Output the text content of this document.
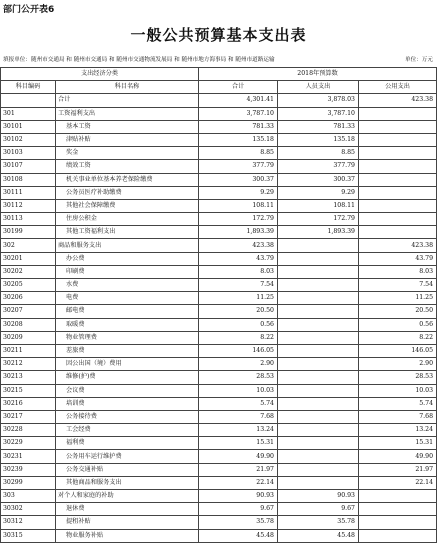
部门公开表6
一般公共预算基本支出表
填报单位：随州市交通局 和 随州市交通局 和 随州市交通物流发展局 和 随州市地方海事局 和 随州市道路运输	单位：万元
支出经济分类		2018年预算数		
科目编码	科目名称	合计	人员支出	公用支出
	合计	4,301.41	3,878.03	423.38
301	工资福利支出	3,787.10	3,787.10	
30101	基本工资	781.33	781.33	
30102	津贴补贴	135.18	135.18	
30103	奖金	8.85	8.85	
30107	绩效工资	377.79	377.79	
30108	机关事业单位基本养老保险缴费	300.37	300.37	
30111	公务员医疗补助缴费	9.29	9.29	
30112	其他社会保障缴费	108.11	108.11	
30113	住房公积金	172.79	172.79	
30199	其他工资福利支出	1,893.39	1,893.39	
302	商品和服务支出	423.38		423.38
30201	办公费	43.79		43.79
30202	印刷费	8.03		8.03
30205	水费	7.54		7.54
30206	电费	11.25		11.25
30207	邮电费	20.50		20.50
30208	取暖费	0.56		0.56
30209	物业管理费	8.22		8.22
30211	差旅费	146.05		146.05
30212	因公出国（境）费用	2.90		2.90
30213	维修(护)费	28.53		28.53
30215	会议费	10.03		10.03
30216	培训费	5.74		5.74
30217	公务接待费	7.68		7.68
30228	工会经费	13.24		13.24
30229	福利费	15.31		15.31
30231	公务用车运行维护费	49.90		49.90
30239	公务交通补贴	21.97		21.97
30299	其他商品和服务支出	22.14		22.14
303	对个人和家庭的补助	90.93	90.93	
30302	退休费	9.67	9.67	
30312	提租补贴	35.78	35.78	
30315	物业服务补贴	45.48	45.48	
